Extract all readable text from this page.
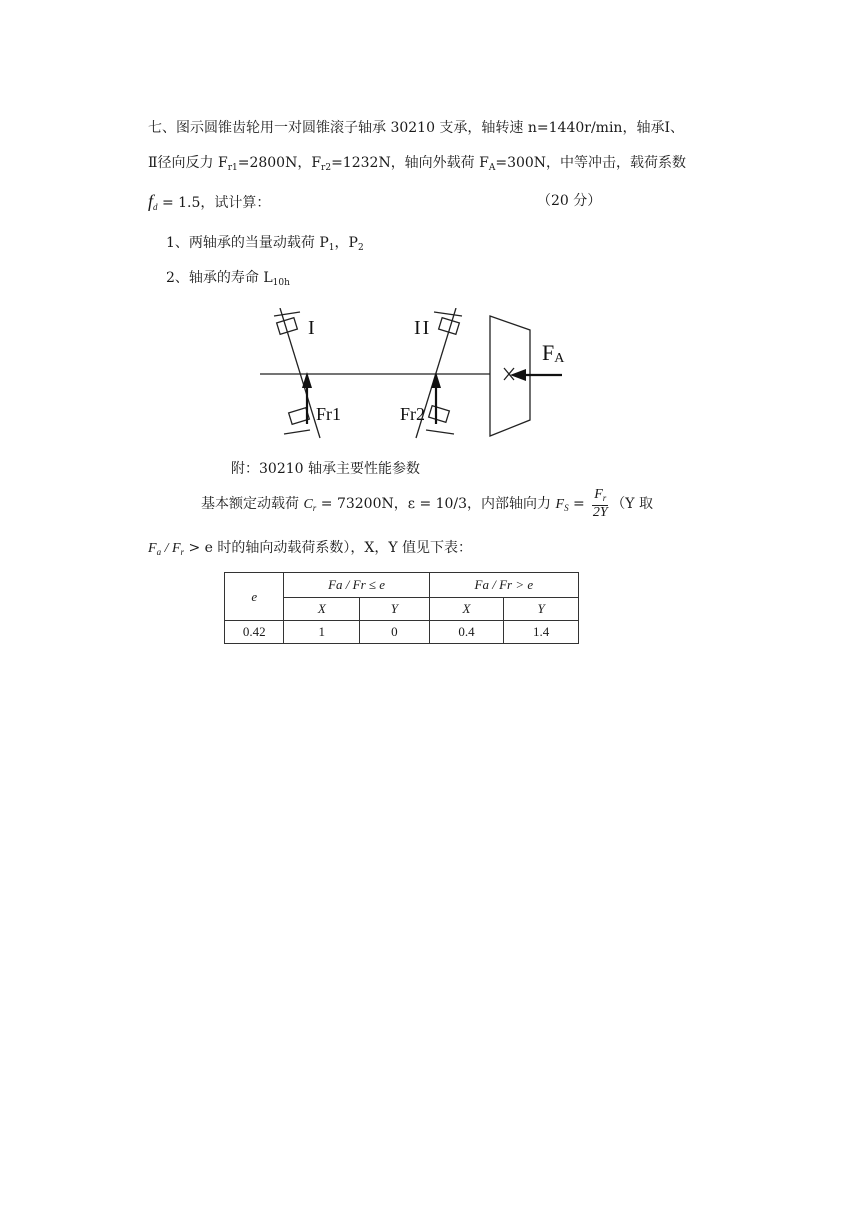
七、图示圆锥齿轮用一对圆锥滚子轴承 30210 支承，轴转速 n=1440r/min，轴承Ⅰ、
Ⅱ径向反力 $F_{r1}=2800N$，$F_{r2}=1232N$，轴向外载荷 $F_A=300N$，中等冲击，载荷系数
$f_d = 1.5$，试计算：	（20 分）
1、两轴承的当量动载荷 $P_1$，$P_2$
2、轴承的寿命 $L_{10h}$
I	II
FA
Fr1	Fr2
附：30210 轴承主要性能参数
基本额定动载荷 $C_r = 73200N$，ε = 10/3，内部轴向力 $F_S = \frac{F_r}{2Y} (Y$ 取
$F_a / F_r > e$ 时的轴向动载荷系数），X，Y 值见下表：
e	Fa / Fr ≤ e		Fa / Fr > e	
	X	Y	X	Y
0.42	1	0	0.4	1.4
